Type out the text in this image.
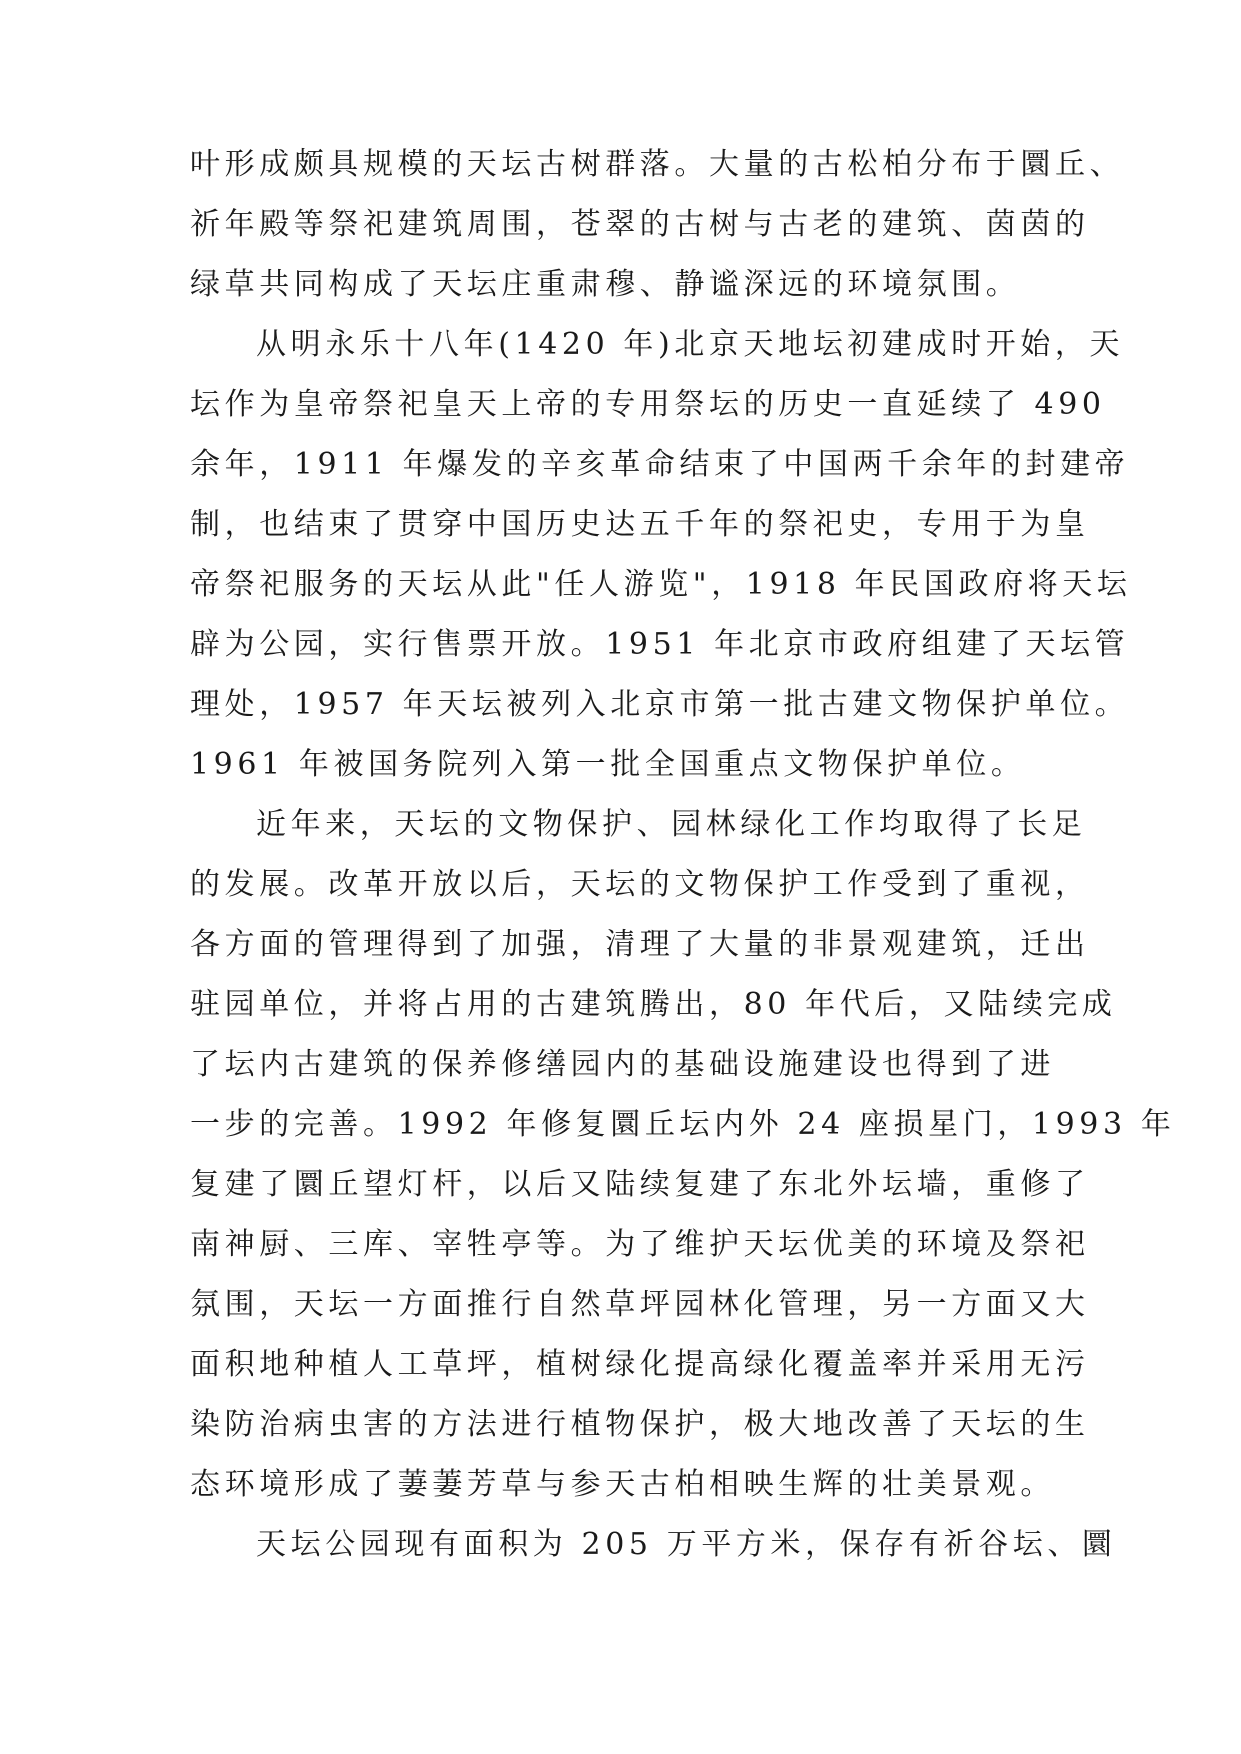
叶形成颇具规模的天坛古树群落。大量的古松柏分布于圜丘、
祈年殿等祭祀建筑周围，苍翠的古树与古老的建筑、茵茵的
绿草共同构成了天坛庄重肃穆、静谧深远的环境氛围。
从明永乐十八年(1420 年)北京天地坛初建成时开始，天
坛作为皇帝祭祀皇天上帝的专用祭坛的历史一直延续了 490
余年，1911 年爆发的辛亥革命结束了中国两千余年的封建帝
制，也结束了贯穿中国历史达五千年的祭祀史，专用于为皇
帝祭祀服务的天坛从此"任人游览"，1918 年民国政府将天坛
辟为公园，实行售票开放。1951 年北京市政府组建了天坛管
理处，1957 年天坛被列入北京市第一批古建文物保护单位。
1961 年被国务院列入第一批全国重点文物保护单位。
近年来，天坛的文物保护、园林绿化工作均取得了长足
的发展。改革开放以后，天坛的文物保护工作受到了重视，
各方面的管理得到了加强，清理了大量的非景观建筑，迁出
驻园单位，并将占用的古建筑腾出，80 年代后，又陆续完成
了坛内古建筑的保养修缮园内的基础设施建设也得到了进
一步的完善。1992 年修复圜丘坛内外 24 座损星门，1993 年
复建了圜丘望灯杆，以后又陆续复建了东北外坛墙，重修了
南神厨、三库、宰牲亭等。为了维护天坛优美的环境及祭祀
氛围，天坛一方面推行自然草坪园林化管理，另一方面又大
面积地种植人工草坪，植树绿化提高绿化覆盖率并采用无污
染防治病虫害的方法进行植物保护，极大地改善了天坛的生
态环境形成了萋萋芳草与参天古柏相映生辉的壮美景观。
天坛公园现有面积为 205 万平方米，保存有祈谷坛、圜
